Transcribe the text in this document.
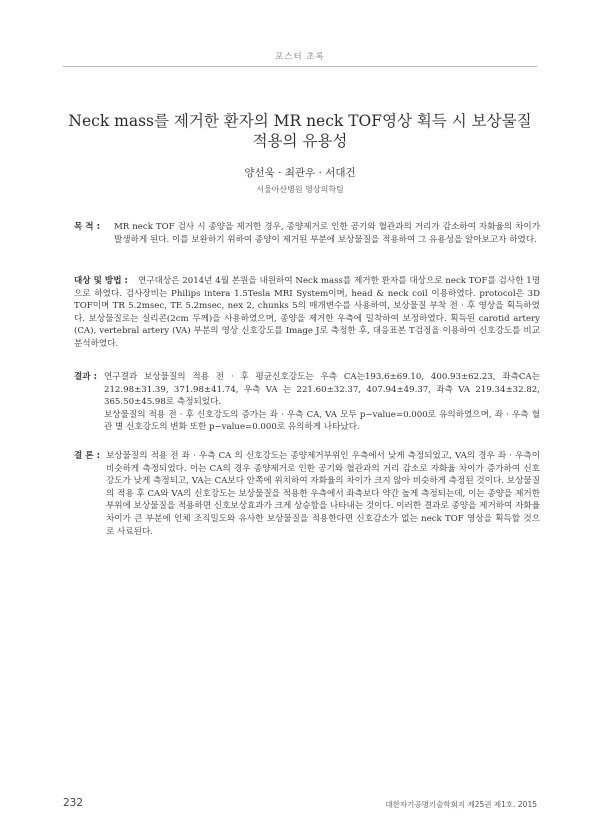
포스터 초록
Neck mass를 제거한 환자의 MR neck TOF영상 획득 시 보상물질
적용의 유용성
양선욱 · 최관우 · 서대건
서울아산병원 영상의학팀
목 적 : MR neck TOF 검사 시 종양을 제거한 경우, 종양제거로 인한 공기와 혈관과의 거리가 감소하여 자화율의 차이가 발생하게 된다. 이를 보완하기 위하여 종양이 제거된 부분에 보상물질을 적용하여 그 유용성을 알아보고자 하였다.
대상 및 방법 :	연구대상은 2014년 4월 본원을 내원하여 Neck mass를 제거한 환자를 대상으로 neck TOF를 검사한 1명으로 하였다. 검사장비는 Philips intera 1.5Tesla MRI System이며, head & neck coil 이용하였다. protocol은 3D TOF이며 TR 5.2msec, TE 5.2msec, nex 2, chunks 5의 매개변수를 사용하여, 보상물질 부착 전 · 후 영상을 획득하였다. 보상물질로는 실리콘(2cm 두께)을 사용하였으며, 종양을 제거한 우측에 밀착하여 보정하였다. 획득된 carotid artery (CA), vertebral artery (VA) 부분의 영상 신호강도를 Image J로 측정한 후, 대응표본 T검정을 이용하여 신호강도를 비교 분석하였다.
결과 : 연구결과 보상물질의 적용 전 · 후 평균신호강도는 우측 CA는193.6±69.10, 400.93±62.23, 좌측CA는 212.98±31.39, 371.98±41.74, 우측 VA 는 221.60±32.37, 407.94±49.37, 좌측 VA 219.34±32.82, 365.50±45.98로 측정되었다.
보상물질의 적용 전 · 후 신호강도의 증가는 좌 · 우측 CA, VA 모두 p−value=0.000로 유의하였으며, 좌 · 우측 혈관 별 신호강도의 변화 또한 p−value=0.000로 유의하게 나타났다.
결 론 : 보상물질의 적용 전 좌 · 우측 CA 의 신호강도는 종양제거부위인 우측에서 낮게 측정되었고, VA의 경우 좌 · 우측이 비슷하게 측정되었다. 이는 CA의 경우 종양제거로 인한 공기와 혈관과의 거리 감소로 자화율 차이가 증가하여 신호강도가 낮게 측정되고, VA는 CA보다 안쪽에 위치하여 자화율의 차이가 크지 않아 비슷하게 측정된 것이다. 보상물질의 적용 후 CA와 VA의 신호강도는 보상물질을 적용한 우측에서 좌측보다 약간 높게 측정되는데, 이는 종양을 제거한 부위에 보상물질을 적용하면 신호보상효과가 크게 상승함을 나타내는 것이다. 이러한 결과로 종양을 제거하여 자화율 차이가 큰 부분에 인체 조직밀도와 유사한 보상물질을 적용한다면 신호감소가 없는 neck TOF 영상을 획득할 것으로 사료된다.
232	대한자기공명기술학회지 제25권 제1호. 2015
